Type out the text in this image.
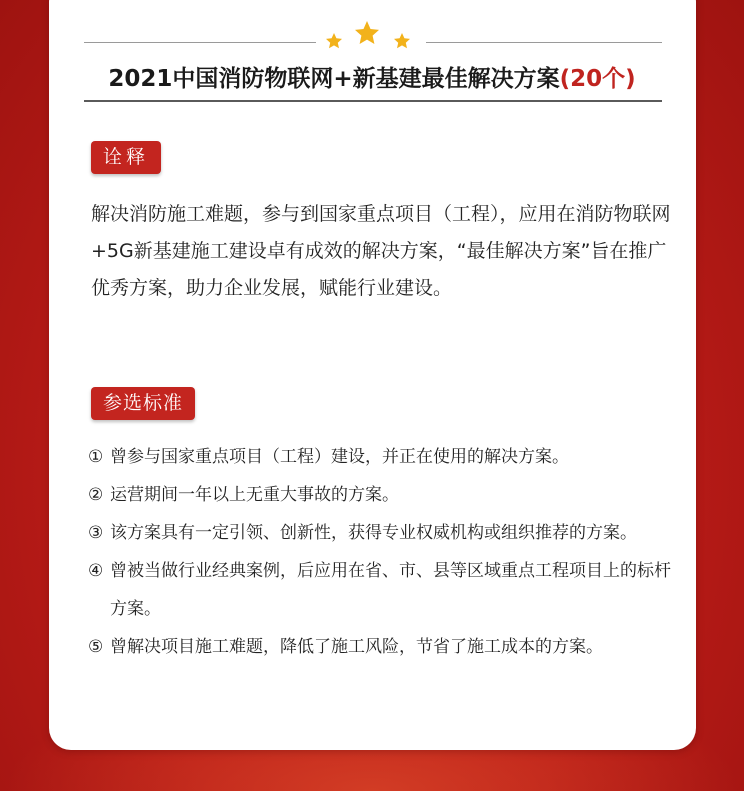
2021中国消防物联网+新基建最佳解决方案(20个)
诠释
解决消防施工难题，参与到国家重点项目（工程），应用在消防物联网+5G新基建施工建设卓有成效的解决方案，“最佳解决方案”旨在推广优秀方案，助力企业发展，赋能行业建设。
参选标准
① 曾参与国家重点项目（工程）建设，并正在使用的解决方案。
② 运营期间一年以上无重大事故的方案。
③ 该方案具有一定引领、创新性，获得专业权威机构或组织推荐的方案。
④ 曾被当做行业经典案例，后应用在省、市、县等区域重点工程项目上的标杆方案。
⑤ 曾解决项目施工难题，降低了施工风险，节省了施工成本的方案。
